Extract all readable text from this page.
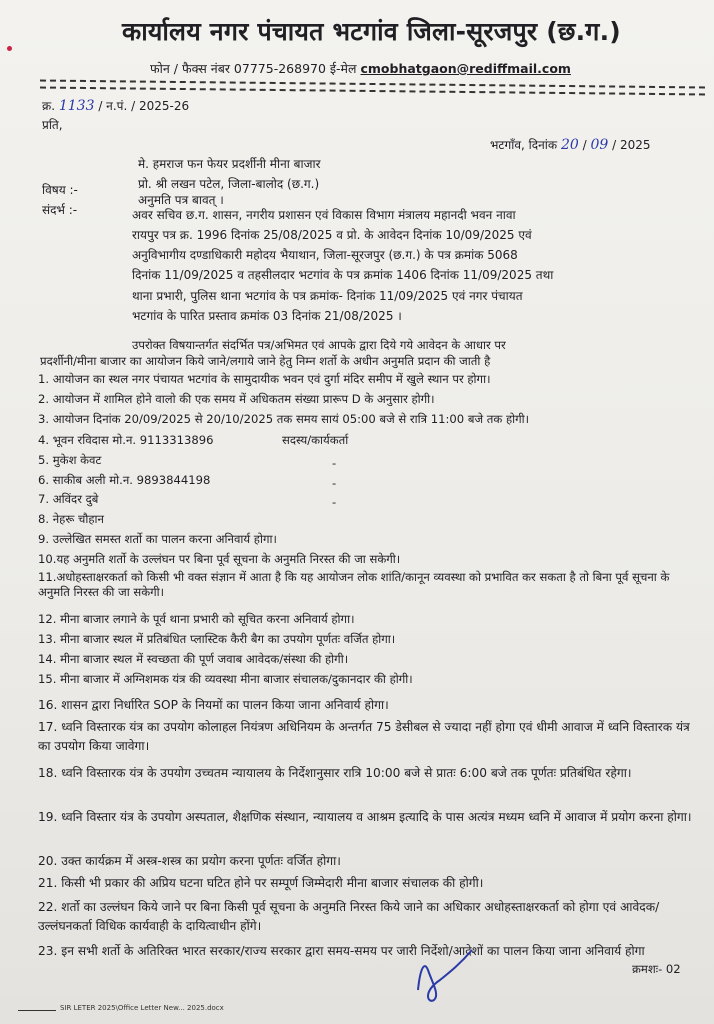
कार्यालय नगर पंचायत भटगांव जिला-सूरजपुर (छ.ग.)
फोन / फैक्स नंबर 07775-268970 ई-मेल cmobhatgaon@rediffmail.com
क्र. 1133 / न.पं. / 2025-26
प्रति,
भटगाँव, दिनांक 20 / 09 / 2025
मे. हमराज फन फेयर प्रदर्शीनी मीना बाजार
प्रो. श्री लखन पटेल, जिला-बालोद (छ.ग.)
विषय :-
अनुमति पत्र बावत् ।
संदर्भ :-	अवर सचिव छ.ग. शासन, नगरीय प्रशासन एवं विकास विभाग मंत्रालय महानदी भवन नावा
रायपुर पत्र क्र. 1996 दिनांक 25/08/2025 व प्रो. के आवेदन दिनांक 10/09/2025 एवं
अनुविभागीय दण्डाधिकारी महोदय भैयाथान, जिला-सूरजपुर (छ.ग.) के पत्र क्रमांक 5068
दिनांक 11/09/2025 व तहसीलदार भटगांव के पत्र क्रमांक 1406 दिनांक 11/09/2025 तथा
थाना प्रभारी, पुलिस थाना भटगांव के पत्र क्रमांक- दिनांक 11/09/2025 एवं नगर पंचायत
भटगांव के पारित प्रस्ताव क्रमांक 03 दिनांक 21/08/2025 ।
उपरोक्त विषयान्तर्गत संदर्भित पत्र/अभिमत एवं आपके द्वारा दिये गये आवेदन के आधार पर
प्रदर्शीनी/मीना बाजार का आयोजन किये जाने/लगाये जाने हेतु निम्न शर्तो के अधीन अनुमति प्रदान की जाती है
सदस्य/कार्यकर्ता
-
-
-
1. आयोजन का स्थल नगर पंचायत भटगांव के सामुदायीक भवन एवं दुर्गा मंदिर समीप में खुले स्थान पर होगा।
2. आयोजन में शामिल होने वालो की एक समय में अधिकतम संख्या प्रारूप D के अनुसार होगी।
3. आयोजन दिनांक 20/09/2025 से 20/10/2025 तक समय सायं 05:00 बजे से रात्रि 11:00 बजे तक होगी।
4. भूवन रविदास मो.न. 9113313896
5. मुकेश केवट
6. साकीब अली मो.न. 9893844198
7. अविंदर दुबे
8. नेहरू चौहान
9. उल्लेखित समस्त शर्तो का पालन करना अनिवार्य होगा।
10.यह अनुमति शर्तो के उल्लंघन पर बिना पूर्व सूचना के अनुमति निरस्त की जा सकेगी।
11.अधोहस्ताक्षरकर्ता को किसी भी वक्त संज्ञान में आता है कि यह आयोजन लोक शांति/कानून व्यवस्था को प्रभावित कर सकता है तो बिना पूर्व सूचना के अनुमति निरस्त की जा सकेगी।
12. मीना बाजार लगाने के पूर्व थाना प्रभारी को सूचित करना अनिवार्य होगा।
13. मीना बाजार स्थल में प्रतिबंधित प्लास्टिक कैरी बैग का उपयोग पूर्णतः वर्जित होगा।
14. मीना बाजार स्थल में स्वच्छता की पूर्ण जवाब आवेदक/संस्था की होगी।
15. मीना बाजार में अग्निशमक यंत्र की व्यवस्था मीना बाजार संचालक/दुकानदार की होगी।
16. शासन द्वारा निर्धारित SOP के नियमों का पालन किया जाना अनिवार्य होगा।
17. ध्वनि विस्तारक यंत्र का उपयोग कोलाहल नियंत्रण अधिनियम के अन्तर्गत 75 डेसीबल से ज्यादा नहीं होगा एवं धीमी आवाज में ध्वनि विस्तारक यंत्र का उपयोग किया जावेगा।
18. ध्वनि विस्तारक यंत्र के उपयोग उच्चतम न्यायालय के निर्देशानुसार रात्रि 10:00 बजे से प्रातः 6:00 बजे तक पूर्णतः प्रतिबंधित रहेगा।
19. ध्वनि विस्तार यंत्र के उपयोग अस्पताल, शैक्षणिक संस्थान, न्यायालय व आश्रम इत्यादि के पास अत्यंत्र मध्यम ध्वनि में आवाज में प्रयोग करना होगा।
20. उक्त कार्यक्रम में अस्त्र-शस्त्र का प्रयोग करना पूर्णतः वर्जित होगा।
21. किसी भी प्रकार की अप्रिय घटना घटित होने पर सम्पूर्ण जिम्मेदारी मीना बाजार संचालक की होगी।
22. शर्तो का उल्लंघन किये जाने पर बिना किसी पूर्व सूचना के अनुमति निरस्त किये जाने का अधिकार अधोहस्ताक्षरकर्ता को होगा एवं आवेदक/उल्लंघनकर्ता विधिक कार्यवाही के दायित्वाधीन होंगे।
23. इन सभी शर्तो के अतिरिक्त भारत सरकार/राज्य सरकार द्वारा समय-समय पर जारी निर्देशो/आदेशों का पालन किया जाना अनिवार्य होगा
क्रमशः- 02
SIR LETER 2025\Office Letter New... 2025.docx
